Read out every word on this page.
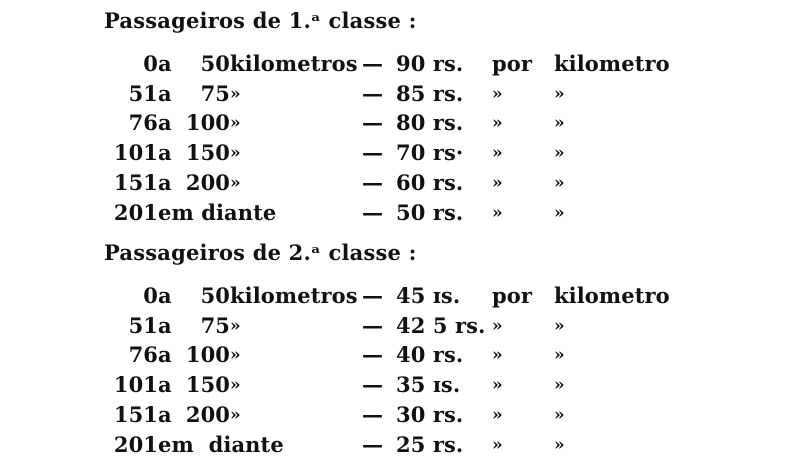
Passageiros de 1.ᵃ classe :
0	a	50	kilometros	—	90 rs.	por	kilometro
51	a	75	»	—	85 rs.	»	»
76	a	100	»	—	80 rs.	»	»
101	a	150	»	—	70 rs·	»	»
151	a	200	»	—	60 rs.	»	»
201	em diante			—	50 rs.	»	»
Passageiros de 2.ᵃ classe :
0	a	50	kilometros	—	45 ɪs.	por	kilometro
51	a	75	»	—	42 5 rs.	»	»
76	a	100	»	—	40 rs.	»	»
101	a	150	»	—	35 ɪs.	»	»
151	a	200	»	—	30 rs.	»	»
201	em  diante			—	25 rs.	»	»
